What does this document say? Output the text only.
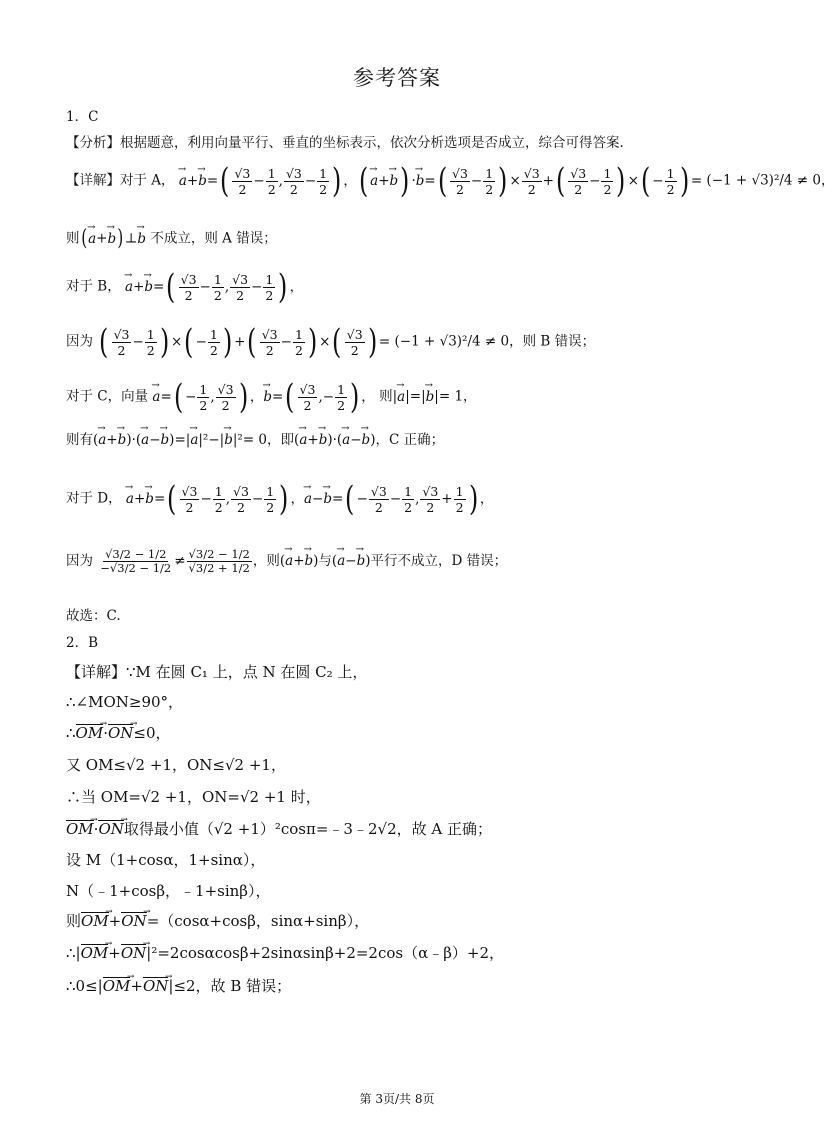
参考答案
1．C
【分析】根据题意，利用向量平行、垂直的坐标表示，依次分析选项是否成立，综合可得答案.
【详解】对于 A， → $a+\to b=( \frac{√3}{2} - \frac{1}{2}$ , $\frac{√3}{2} - \frac{1}{2}$ ) ，( → $a+\to b) \cdot\to b=( \frac{√3}{2} - \frac{1}{2}$ ) × $\frac{√3}{2}$ +( $\frac{√3}{2} - \frac{1}{2}$ ) ×( − $\frac{1}{2}$ ) = (−1 + √3)²/4 ≠ 0，
则(→ a+→ b)⊥→ b 不成立，则 A 错误；
对于 B， → $a+\to b=( \frac{√3}{2} - \frac{1}{2}$ , $\frac{√3}{2} - \frac{1}{2}$ ) ，
因为 ( $\frac{√3}{2} - \frac{1}{2}$ ) ×( − $\frac{1}{2}$ ) +( $\frac{√3}{2} - \frac{1}{2}$ ) ×( $\frac{√3}{2}$ ) = (−1 + √3)²/4 ≠ 0，则 B 错误；
对于 C，向量 → $a=( - \frac{1}{2}$ , $\frac{√3}{2}$ ) ，→ $b=( \frac{√3}{2}$ ,− $\frac{1}{2}$ ) ， 则|→ a|=|→ b|= 1，
则有(→ a+→ b)·(→ a−→ b)=|→ a|²−|→ b|²= 0，即(→ a+→ b)·(→ a−→ b)，C 正确；
对于 D， → $a+\to b=( \frac{√3}{2} - \frac{1}{2}$ , $\frac{√3}{2} - \frac{1}{2}$ ) ，→ $a-\to b=( - \frac{√3}{2} - \frac{1}{2}$ , $\frac{√3}{2} + \frac{1}{2}$ ) ，
因为 $\frac{√3/2 - 1/2}{-√3/2 - 1/2} \ne \frac{√3/2 - 1/2}{√3/2 + 1/2}$ ，则(→ a+→ b)与(→ a−→ b)平行不成立，D 错误；
故选：C.
2．B
【详解】∵M 在圆 C₁ 上，点 N 在圆 C₂ 上，
∴∠MON≥90°，
∴OM →·ON →≤0，
又 OM≤√2 +1，ON≤√2 +1，
∴当 OM=√2 +1，ON=√2 +1 时，
OM →·ON →取得最小值（√2 +1）²cosπ=﹣3﹣2√2，故 A 正确；
设 M（1+cosα，1+sinα），
N（﹣1+cosβ，﹣1+sinβ），
则OM →+ON →=（cosα+cosβ，sinα+sinβ），
∴|OM →+ON →|²=2cosαcosβ+2sinαsinβ+2=2cos（α﹣β）+2，
∴0≤|OM →+ON →|≤2，故 B 错误；
第 3页/共 8页
